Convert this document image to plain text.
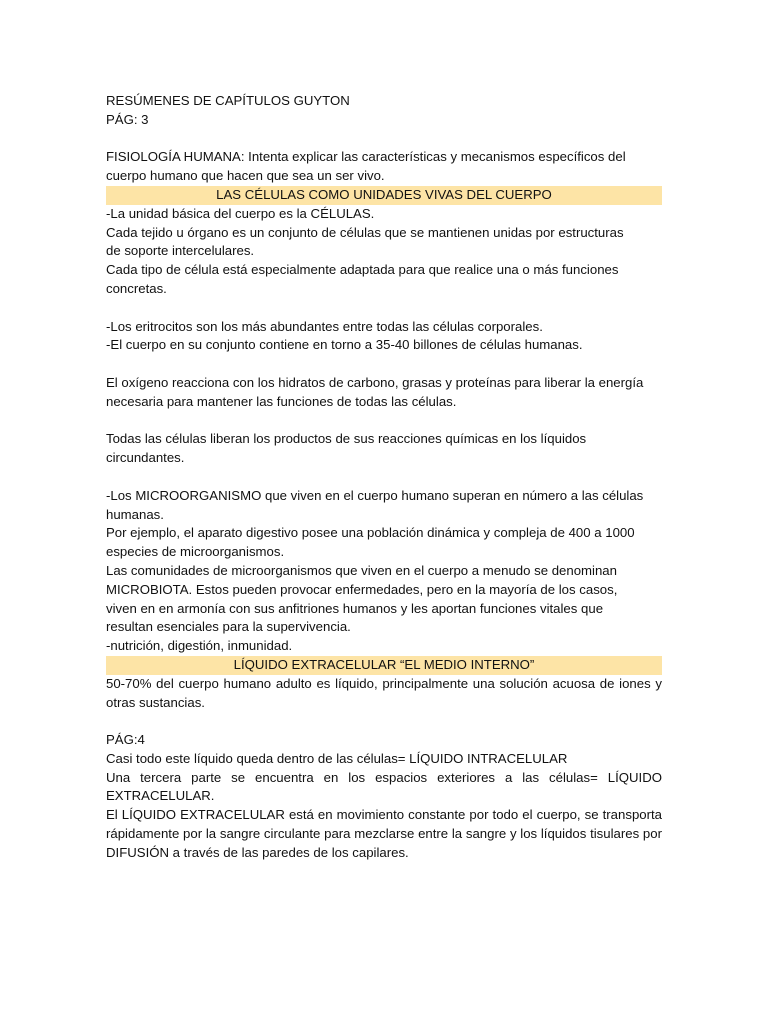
RESÚMENES DE CAPÍTULOS GUYTON
PÁG: 3
FISIOLOGÍA HUMANA: Intenta explicar las características y mecanismos específicos del
cuerpo humano que hacen que sea un ser vivo.
LAS CÉLULAS COMO UNIDADES VIVAS DEL CUERPO
-La unidad básica del cuerpo es la CÉLULAS.
Cada tejido u órgano es un conjunto de células que se mantienen unidas por estructuras
de soporte intercelulares.
Cada tipo de célula está especialmente adaptada para que realice una o más funciones
concretas.
-Los eritrocitos son los más abundantes entre todas las células corporales.
-El cuerpo en su conjunto contiene en torno a 35-40 billones de células humanas.
El oxígeno reacciona con los hidratos de carbono, grasas y proteínas para liberar la energía
necesaria para mantener las funciones de todas las células.
Todas las células liberan los productos de sus reacciones químicas en los líquidos
circundantes.
-Los MICROORGANISMO que viven en el cuerpo humano superan en número a las células
humanas.
Por ejemplo, el aparato digestivo posee una población dinámica y compleja de 400 a 1000
especies de microorganismos.
Las comunidades de microorganismos que viven en el cuerpo a menudo se denominan
MICROBIOTA. Estos pueden provocar enfermedades, pero en la mayoría de los casos,
viven en en armonía con sus anfitriones humanos y les aportan funciones vitales que
resultan esenciales para la supervivencia.
-nutrición, digestión, inmunidad.
LÍQUIDO EXTRACELULAR “EL MEDIO INTERNO”

50-70% del cuerpo humano adulto es líquido, principalmente una solución acuosa de iones y otras sustancias.

PÁG:4
Casi todo este líquido queda dentro de las células= LÍQUIDO INTRACELULAR

Una tercera parte se encuentra en los espacios exteriores a las células= LÍQUIDO EXTRACELULAR.

El LÍQUIDO EXTRACELULAR está en movimiento constante por todo el cuerpo, se transporta rápidamente por la sangre circulante para mezclarse entre la sangre y los líquidos tisulares por DIFUSIÓN a través de las paredes de los capilares.
